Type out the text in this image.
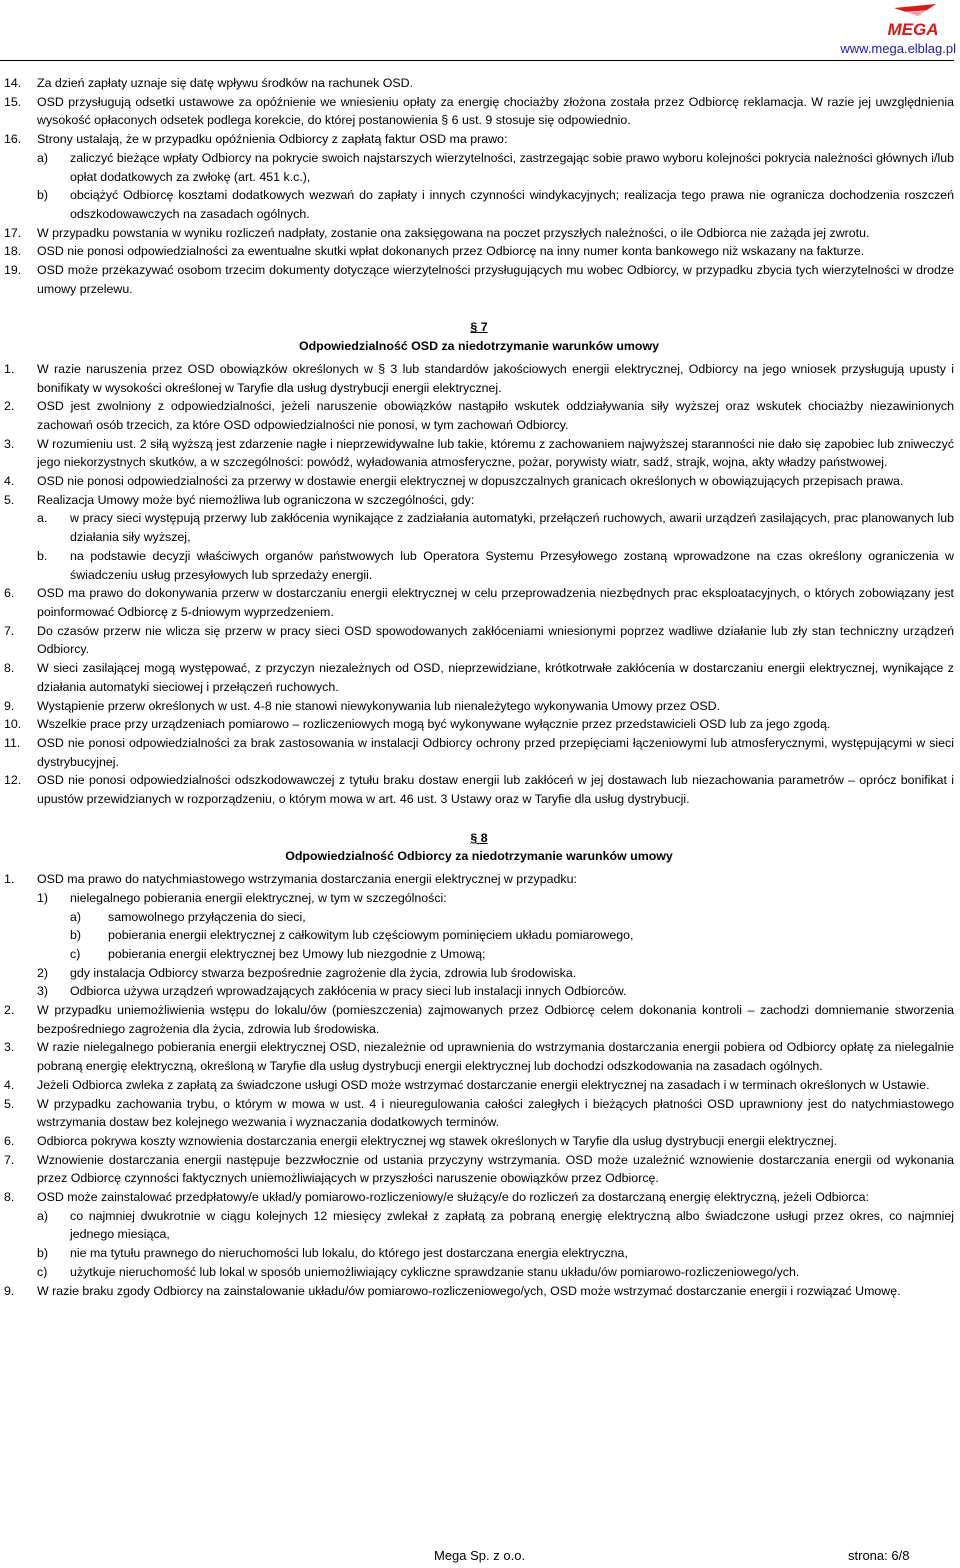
MEGA
www.mega.elblag.pl
14. Za dzień zapłaty uznaje się datę wpływu środków na rachunek OSD.
15. OSD przysługują odsetki ustawowe za opóźnienie we wniesieniu opłaty za energię chociażby złożona została przez Odbiorcę reklamacja. W razie jej uwzględnienia wysokość opłaconych odsetek podlega korekcie, do której postanowienia § 6 ust. 9 stosuje się odpowiednio.
16. Strony ustalają, że w przypadku opóźnienia Odbiorcy z zapłatą faktur OSD ma prawo:
a) zaliczyć bieżące wpłaty Odbiorcy na pokrycie swoich najstarszych wierzytelności, zastrzegając sobie prawo wyboru kolejności pokrycia należności głównych i/lub opłat dodatkowych za zwłokę (art. 451 k.c.),
b) obciążyć Odbiorcę kosztami dodatkowych wezwań do zapłaty i innych czynności windykacyjnych; realizacja tego prawa nie ogranicza dochodzenia roszczeń odszkodowawczych na zasadach ogólnych.
17. W przypadku powstania w wyniku rozliczeń nadpłaty, zostanie ona zaksięgowana na poczet przyszłych należności, o ile Odbiorca nie zażąda jej zwrotu.
18. OSD nie ponosi odpowiedzialności za ewentualne skutki wpłat dokonanych przez Odbiorcę na inny numer konta bankowego niż wskazany na fakturze.
19. OSD może przekazywać osobom trzecim dokumenty dotyczące wierzytelności przysługujących mu wobec Odbiorcy, w przypadku zbycia tych wierzytelności w drodze umowy przelewu.
§ 7
Odpowiedzialność OSD za niedotrzymanie warunków umowy
1. W razie naruszenia przez OSD obowiązków określonych w § 3 lub standardów jakościowych energii elektrycznej, Odbiorcy na jego wniosek przysługują upusty i bonifikaty w wysokości określonej w Taryfie dla usług dystrybucji energii elektrycznej.
2. OSD jest zwolniony z odpowiedzialności, jeżeli naruszenie obowiązków nastąpiło wskutek oddziaływania siły wyższej oraz wskutek chociażby niezawinionych zachowań osób trzecich, za które OSD odpowiedzialności nie ponosi, w tym zachowań Odbiorcy.
3. W rozumieniu ust. 2 siłą wyższą jest zdarzenie nagłe i nieprzewidywalne lub takie, któremu z zachowaniem najwyższej staranności nie dało się zapobiec lub zniweczyć jego niekorzystnych skutków, a w szczególności: powódź, wyładowania atmosferyczne, pożar, porywisty wiatr, sadź, strajk, wojna, akty władzy państwowej.
4. OSD nie ponosi odpowiedzialności za przerwy w dostawie energii elektrycznej w dopuszczalnych granicach określonych w obowiązujących przepisach prawa.
5. Realizacja Umowy może być niemożliwa lub ograniczona w szczególności, gdy:
a. w pracy sieci występują przerwy lub zakłócenia wynikające z zadziałania automatyki, przełączeń ruchowych, awarii urządzeń zasilających, prac planowanych lub działania siły wyższej,
b. na podstawie decyzji właściwych organów państwowych lub Operatora Systemu Przesyłowego zostaną wprowadzone na czas określony ograniczenia w świadczeniu usług przesyłowych lub sprzedaży energii.
6. OSD ma prawo do dokonywania przerw w dostarczaniu energii elektrycznej w celu przeprowadzenia niezbędnych prac eksploatacyjnych, o których zobowiązany jest poinformować Odbiorcę z 5-dniowym wyprzedzeniem.
7. Do czasów przerw nie wlicza się przerw w pracy sieci OSD spowodowanych zakłóceniami wniesionymi poprzez wadliwe działanie lub zły stan techniczny urządzeń Odbiorcy.
8. W sieci zasilającej mogą występować, z przyczyn niezależnych od OSD, nieprzewidziane, krótkotrwałe zakłócenia w dostarczaniu energii elektrycznej, wynikające z działania automatyki sieciowej i przełączeń ruchowych.
9. Wystąpienie przerw określonych w ust. 4-8 nie stanowi niewykonywania lub nienależytego wykonywania Umowy przez OSD.
10. Wszelkie prace przy urządzeniach pomiarowo – rozliczeniowych mogą być wykonywane wyłącznie przez przedstawicieli OSD lub za jego zgodą.
11. OSD nie ponosi odpowiedzialności za brak zastosowania w instalacji Odbiorcy ochrony przed przepięciami łączeniowymi lub atmosferycznymi, występującymi w sieci dystrybucyjnej.
12. OSD nie ponosi odpowiedzialności odszkodowawczej z tytułu braku dostaw energii lub zakłóceń w jej dostawach lub niezachowania parametrów – oprócz bonifikat i upustów przewidzianych w rozporządzeniu, o którym mowa w art. 46 ust. 3 Ustawy oraz w Taryfie dla usług dystrybucji.
§ 8
Odpowiedzialność Odbiorcy za niedotrzymanie warunków umowy
1. OSD ma prawo do natychmiastowego wstrzymania dostarczania energii elektrycznej w przypadku:
1) nielegalnego pobierania energii elektrycznej, w tym w szczególności:
a) samowolnego przyłączenia do sieci,
b) pobierania energii elektrycznej z całkowitym lub częściowym pominięciem układu pomiarowego,
c) pobierania energii elektrycznej bez Umowy lub niezgodnie z Umową;
2) gdy instalacja Odbiorcy stwarza bezpośrednie zagrożenie dla życia, zdrowia lub środowiska.
3) Odbiorca używa urządzeń wprowadzających zakłócenia w pracy sieci lub instalacji innych Odbiorców.
2. W przypadku uniemożliwienia wstępu do lokalu/ów (pomieszczenia) zajmowanych przez Odbiorcę celem dokonania kontroli – zachodzi domniemanie stworzenia bezpośredniego zagrożenia dla życia, zdrowia lub środowiska.
3. W razie nielegalnego pobierania energii elektrycznej OSD, niezależnie od uprawnienia do wstrzymania dostarczania energii pobiera od Odbiorcy opłatę za nielegalnie pobraną energię elektryczną, określoną w Taryfie dla usług dystrybucji energii elektrycznej lub dochodzi odszkodowania na zasadach ogólnych.
4. Jeżeli Odbiorca zwleka z zapłatą za świadczone usługi OSD może wstrzymać dostarczanie energii elektrycznej na zasadach i w terminach określonych w Ustawie.
5. W przypadku zachowania trybu, o którym w mowa w ust. 4 i nieuregulowania całości zaległych i bieżących płatności OSD uprawniony jest do natychmiastowego wstrzymania dostaw bez kolejnego wezwania i wyznaczania dodatkowych terminów.
6. Odbiorca pokrywa koszty wznowienia dostarczania energii elektrycznej wg stawek określonych w Taryfie dla usług dystrybucji energii elektrycznej.
7. Wznowienie dostarczania energii następuje bezzwłocznie od ustania przyczyny wstrzymania. OSD może uzależnić wznowienie dostarczania energii od wykonania przez Odbiorcę czynności faktycznych uniemożliwiających w przyszłości naruszenie obowiązków przez Odbiorcę.
8. OSD może zainstalować przedpłatowy/e układ/y pomiarowo-rozliczeniowy/e służący/e do rozliczeń za dostarczaną energię elektryczną, jeżeli Odbiorca:
a) co najmniej dwukrotnie w ciągu kolejnych 12 miesięcy zwlekał z zapłatą za pobraną energię elektryczną albo świadczone usługi przez okres, co najmniej jednego miesiąca,
b) nie ma tytułu prawnego do nieruchomości lub lokalu, do którego jest dostarczana energia elektryczna,
c) użytkuje nieruchomość lub lokal w sposób uniemożliwiający cykliczne sprawdzanie stanu układu/ów pomiarowo-rozliczeniowego/ych.
9. W razie braku zgody Odbiorcy na zainstalowanie układu/ów pomiarowo-rozliczeniowego/ych, OSD może wstrzymać dostarczanie energii i rozwiązać Umowę.
Mega Sp. z o.o.	strona: 6/8
